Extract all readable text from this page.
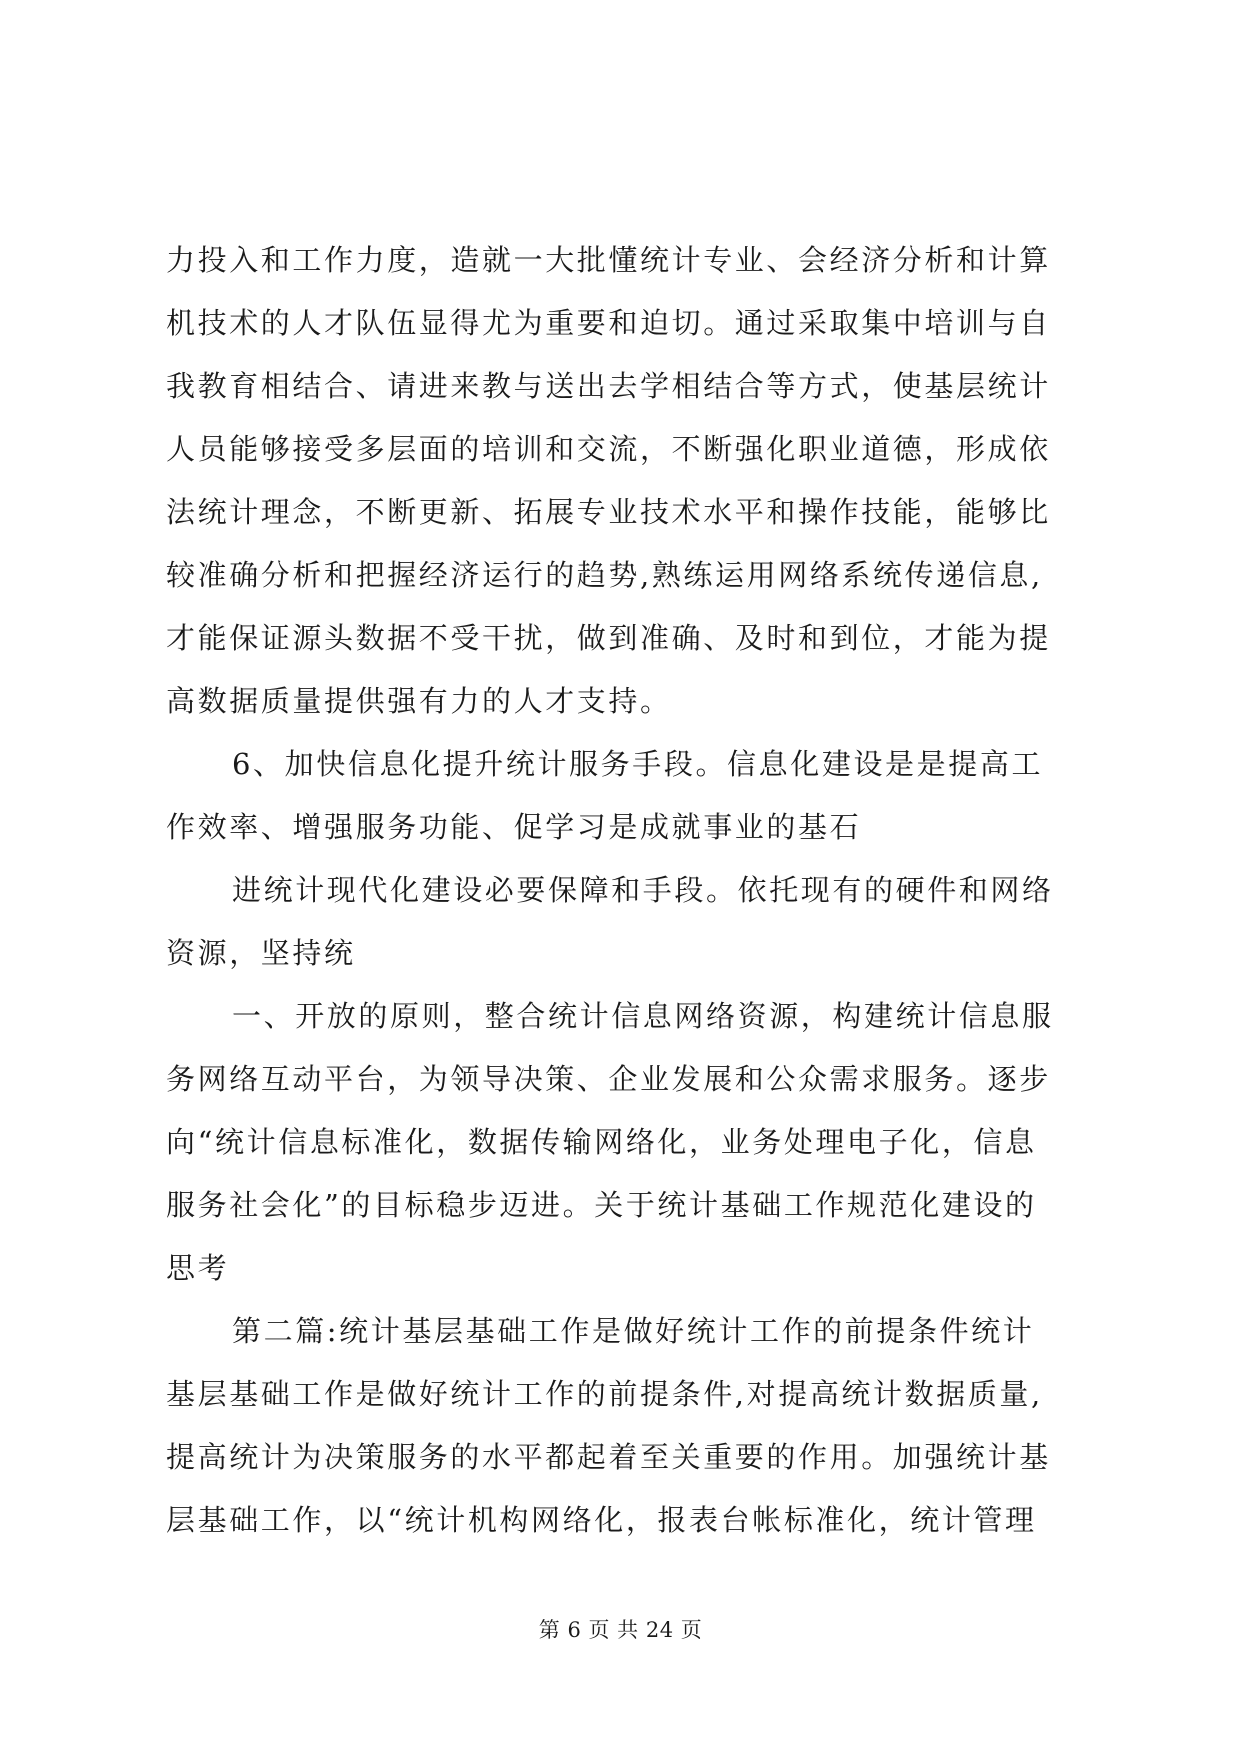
力投入和工作力度，造就一大批懂统计专业、会经济分析和计算
机技术的人才队伍显得尤为重要和迫切。通过采取集中培训与自
我教育相结合、请进来教与送出去学相结合等方式，使基层统计
人员能够接受多层面的培训和交流，不断强化职业道德，形成依
法统计理念，不断更新、拓展专业技术水平和操作技能，能够比
较准确分析和把握经济运行的趋势,熟练运用网络系统传递信息,
才能保证源头数据不受干扰，做到准确、及时和到位，才能为提
高数据质量提供强有力的人才支持。

6、加快信息化提升统计服务手段。信息化建设是是提高工
作效率、增强服务功能、促学习是成就事业的基石

进统计现代化建设必要保障和手段。依托现有的硬件和网络
资源，坚持统

一、开放的原则，整合统计信息网络资源，构建统计信息服
务网络互动平台，为领导决策、企业发展和公众需求服务。逐步
向“统计信息标准化，数据传输网络化，业务处理电子化，信息
服务社会化”的目标稳步迈进。关于统计基础工作规范化建设的
思考

第二篇:统计基层基础工作是做好统计工作的前提条件统计
基层基础工作是做好统计工作的前提条件,对提高统计数据质量,
提高统计为决策服务的水平都起着至关重要的作用。加强统计基
层基础工作，以“统计机构网络化，报表台帐标准化，统计管理

第 6 页 共 24 页
